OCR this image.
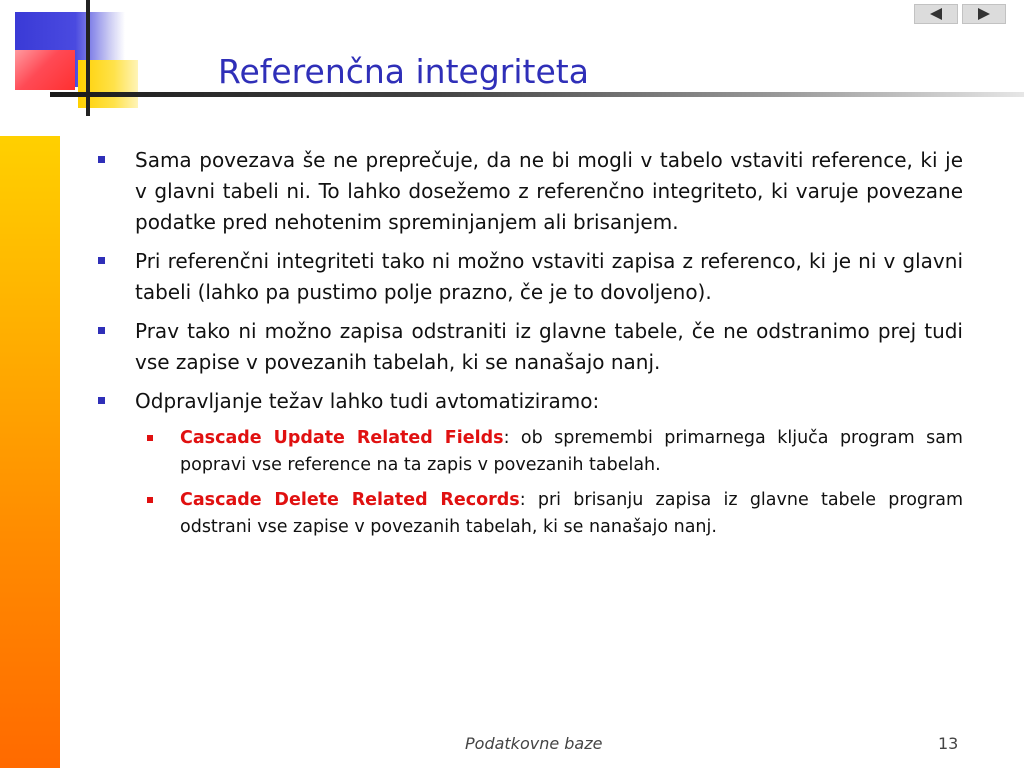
Referenčna integriteta
Sama povezava še ne preprečuje, da ne bi mogli v tabelo vstaviti reference, ki je v glavni tabeli ni. To lahko dosežemo z referenčno integriteto, ki varuje povezane podatke pred nehotenim spreminjanjem ali brisanjem.
Pri referenčni integriteti tako ni možno vstaviti zapisa z referenco, ki je ni v glavni tabeli (lahko pa pustimo polje prazno, če je to dovoljeno).
Prav tako ni možno zapisa odstraniti iz glavne tabele, če ne odstranimo prej tudi vse zapise v povezanih tabelah, ki se nanašajo nanj.
Odpravljanje težav lahko tudi avtomatiziramo:
Cascade Update Related Fields: ob spremembi primarnega ključa program sam popravi vse reference na ta zapis v povezanih tabelah.
Cascade Delete Related Records: pri brisanju zapisa iz glavne tabele program odstrani vse zapise v povezanih tabelah, ki se nanašajo nanj.
Podatkovne baze	13
